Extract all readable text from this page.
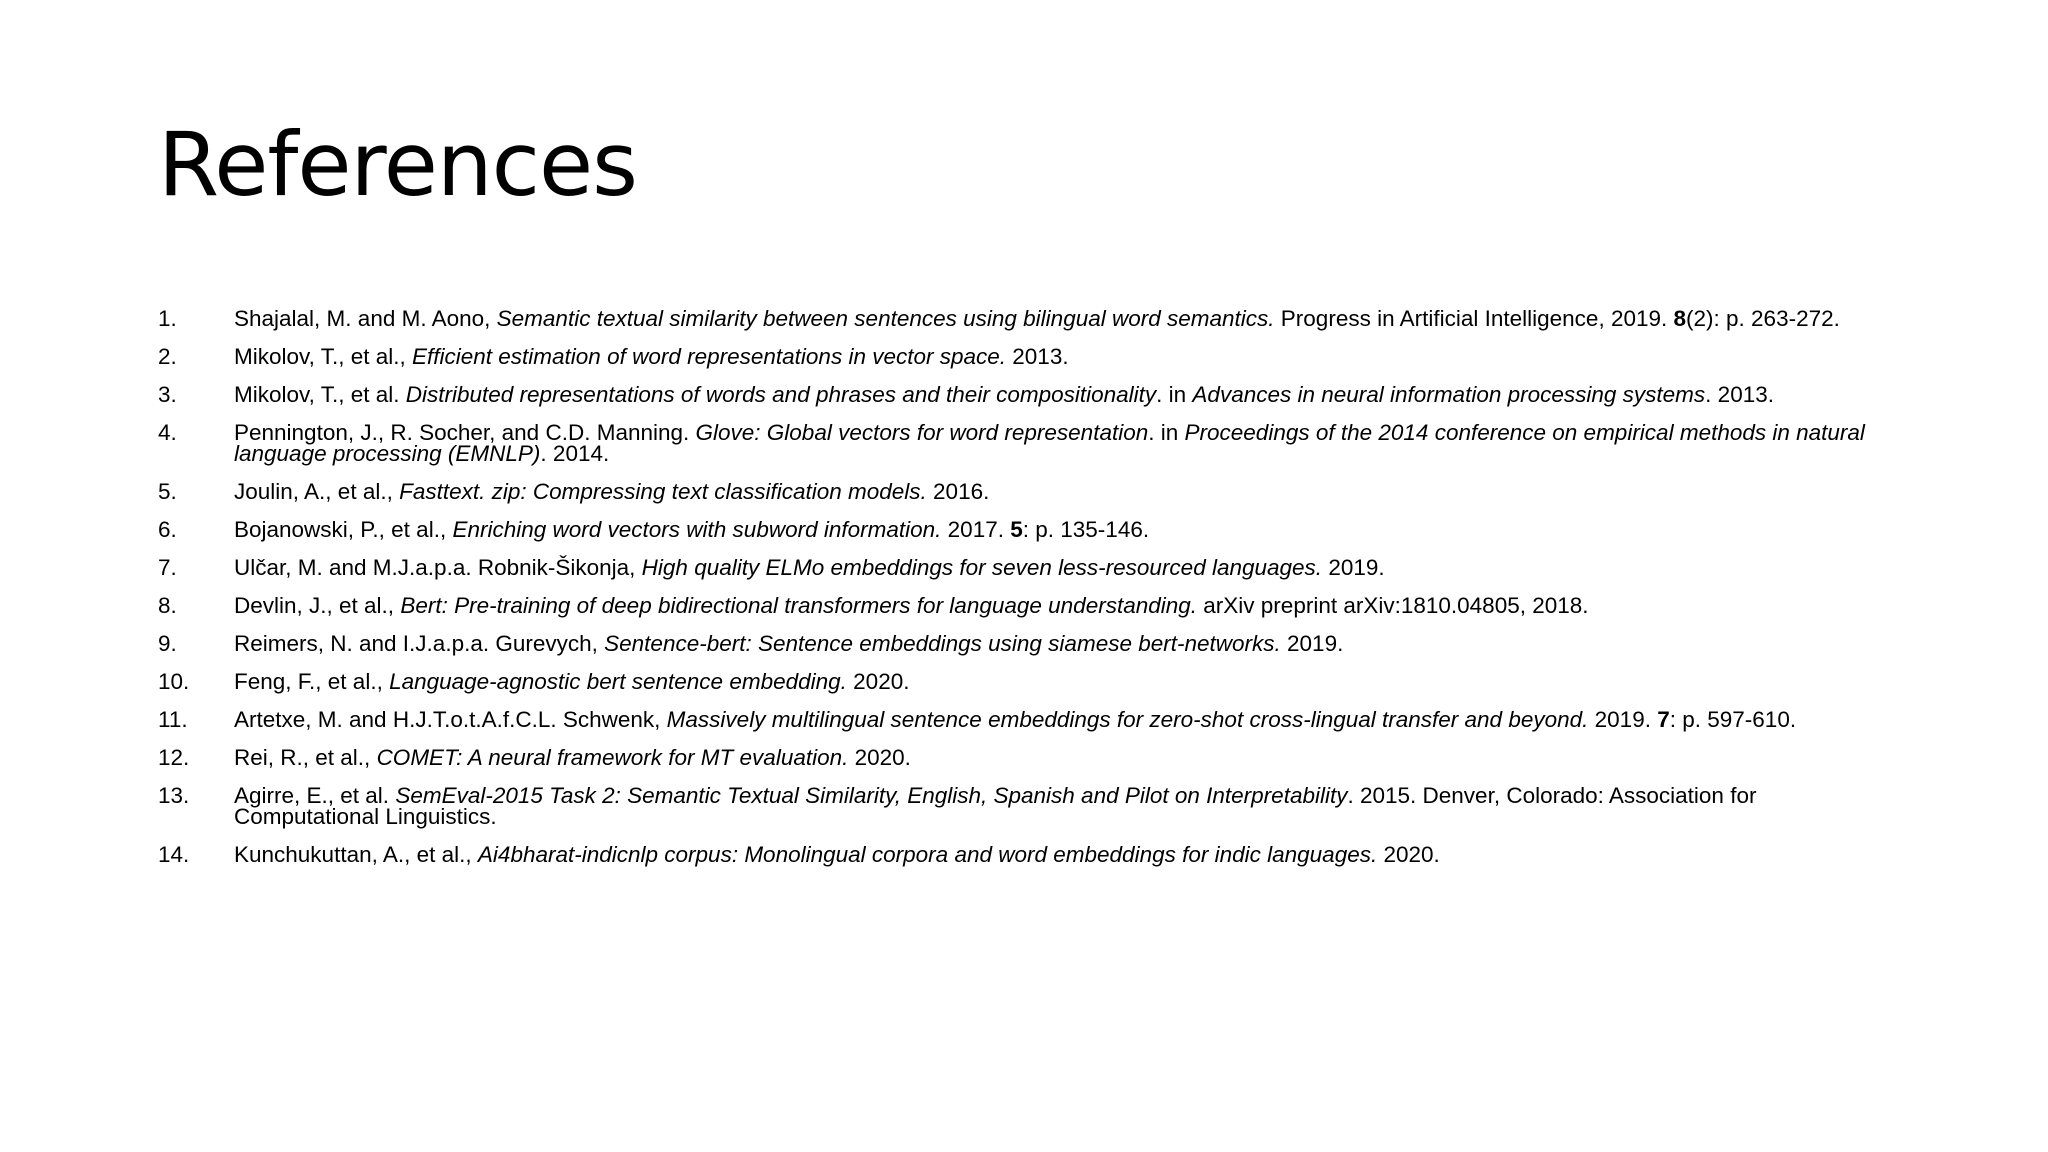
References
1.	Shajalal, M. and M. Aono, Semantic textual similarity between sentences using bilingual word semantics. Progress in Artificial Intelligence, 2019. 8(2): p. 263-272.
2.	Mikolov, T., et al., Efficient estimation of word representations in vector space. 2013.
3.	Mikolov, T., et al. Distributed representations of words and phrases and their compositionality. in Advances in neural information processing systems. 2013.
4.	Pennington, J., R. Socher, and C.D. Manning. Glove: Global vectors for word representation. in Proceedings of the 2014 conference on empirical methods in natural language processing (EMNLP). 2014.
5.	Joulin, A., et al., Fasttext. zip: Compressing text classification models. 2016.
6.	Bojanowski, P., et al., Enriching word vectors with subword information. 2017. 5: p. 135-146.
7.	Ulčar, M. and M.J.a.p.a. Robnik-Šikonja, High quality ELMo embeddings for seven less-resourced languages. 2019.
8.	Devlin, J., et al., Bert: Pre-training of deep bidirectional transformers for language understanding. arXiv preprint arXiv:1810.04805, 2018.
9.	Reimers, N. and I.J.a.p.a. Gurevych, Sentence-bert: Sentence embeddings using siamese bert-networks. 2019.
10.	Feng, F., et al., Language-agnostic bert sentence embedding. 2020.
11.	Artetxe, M. and H.J.T.o.t.A.f.C.L. Schwenk, Massively multilingual sentence embeddings for zero-shot cross-lingual transfer and beyond. 2019. 7: p. 597-610.
12.	Rei, R., et al., COMET: A neural framework for MT evaluation. 2020.
13.	Agirre, E., et al. SemEval-2015 Task 2: Semantic Textual Similarity, English, Spanish and Pilot on Interpretability. 2015. Denver, Colorado: Association for Computational Linguistics.
14.	Kunchukuttan, A., et al., Ai4bharat-indicnlp corpus: Monolingual corpora and word embeddings for indic languages. 2020.
